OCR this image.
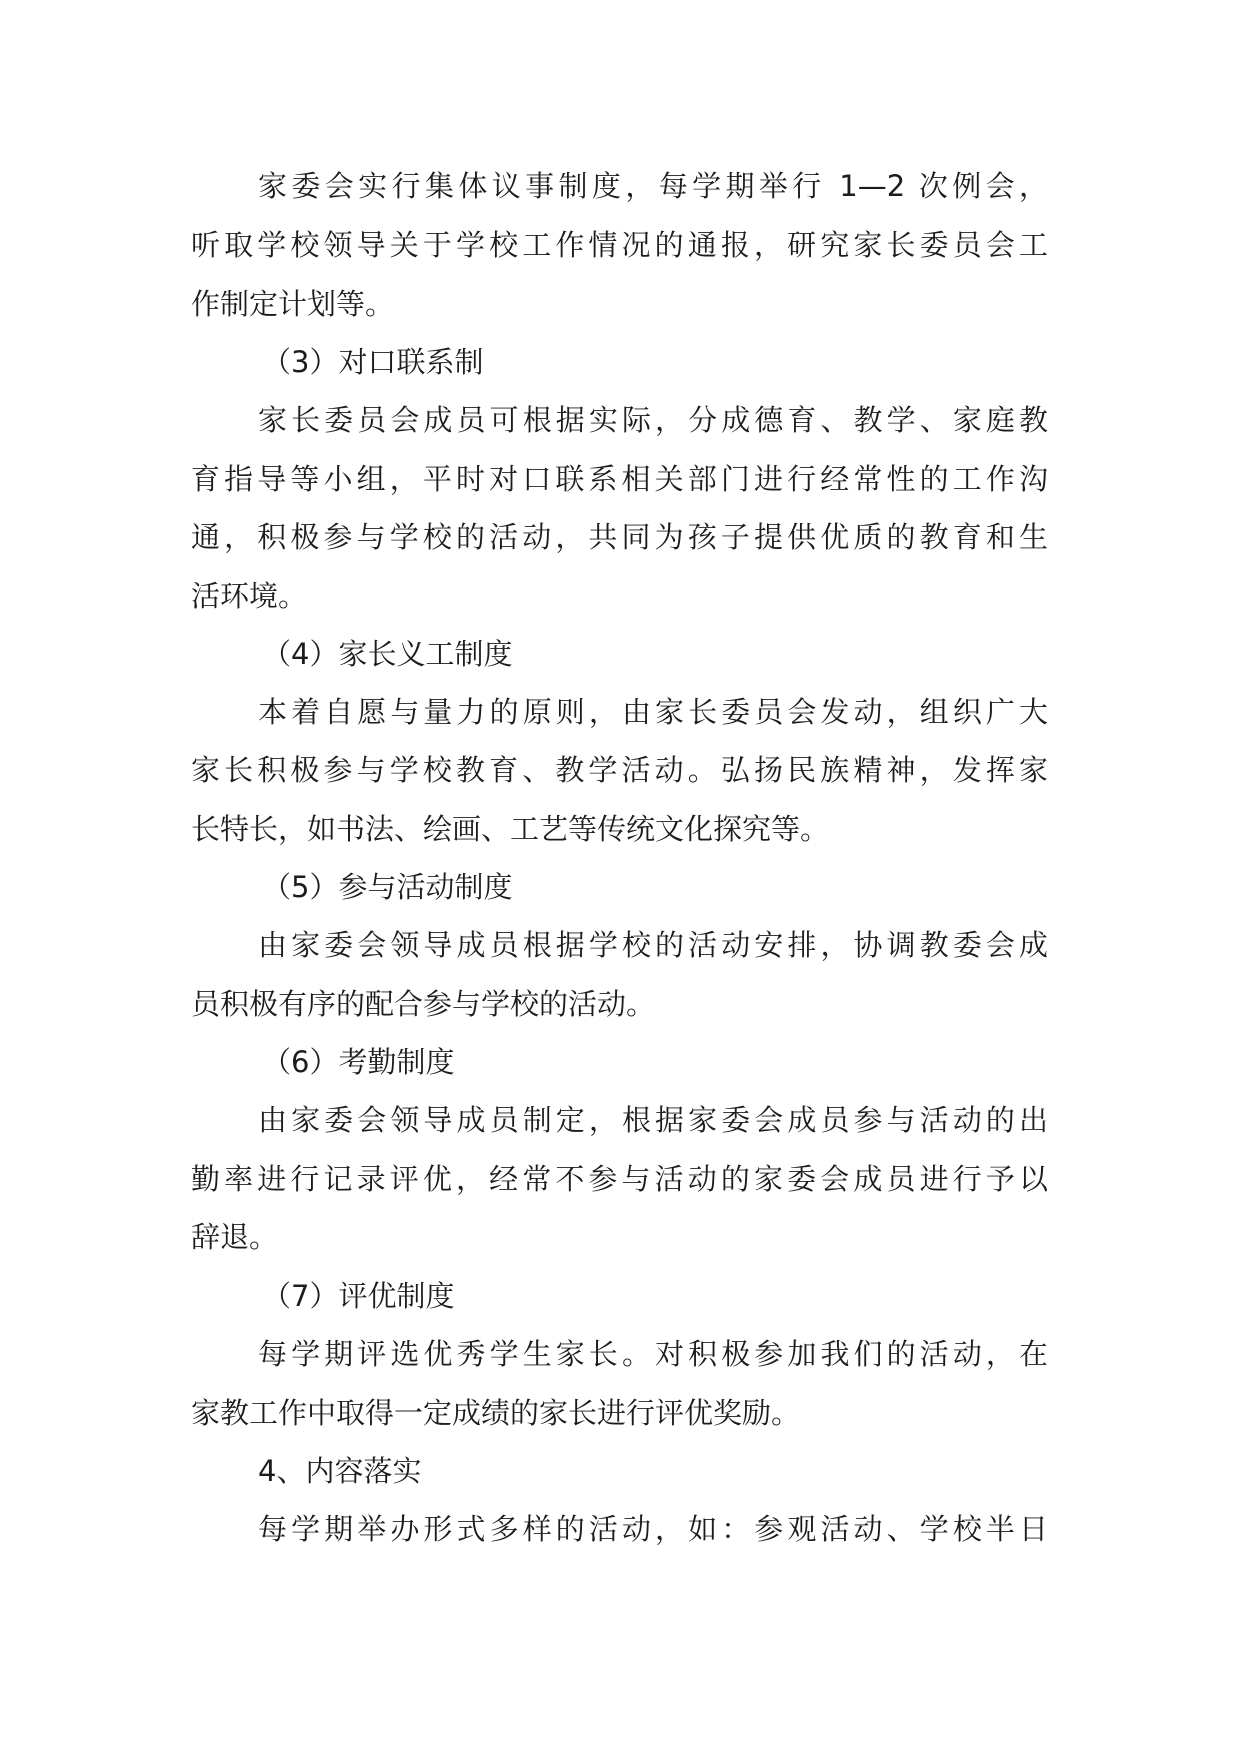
家委会实行集体议事制度，每学期举行 1—2 次例会，
听取学校领导关于学校工作情况的通报，研究家长委员会工
作制定计划等。
（3）对口联系制
家长委员会成员可根据实际，分成德育、教学、家庭教
育指导等小组，平时对口联系相关部门进行经常性的工作沟
通，积极参与学校的活动，共同为孩子提供优质的教育和生
活环境。
（4）家长义工制度
本着自愿与量力的原则，由家长委员会发动，组织广大
家长积极参与学校教育、教学活动。弘扬民族精神，发挥家
长特长，如书法、绘画、工艺等传统文化探究等。
（5）参与活动制度
由家委会领导成员根据学校的活动安排，协调教委会成
员积极有序的配合参与学校的活动。
（6）考勤制度
由家委会领导成员制定，根据家委会成员参与活动的出
勤率进行记录评优，经常不参与活动的家委会成员进行予以
辞退。
（7）评优制度
每学期评选优秀学生家长。对积极参加我们的活动，在
家教工作中取得一定成绩的家长进行评优奖励。
4、内容落实
每学期举办形式多样的活动，如：参观活动、学校半日
